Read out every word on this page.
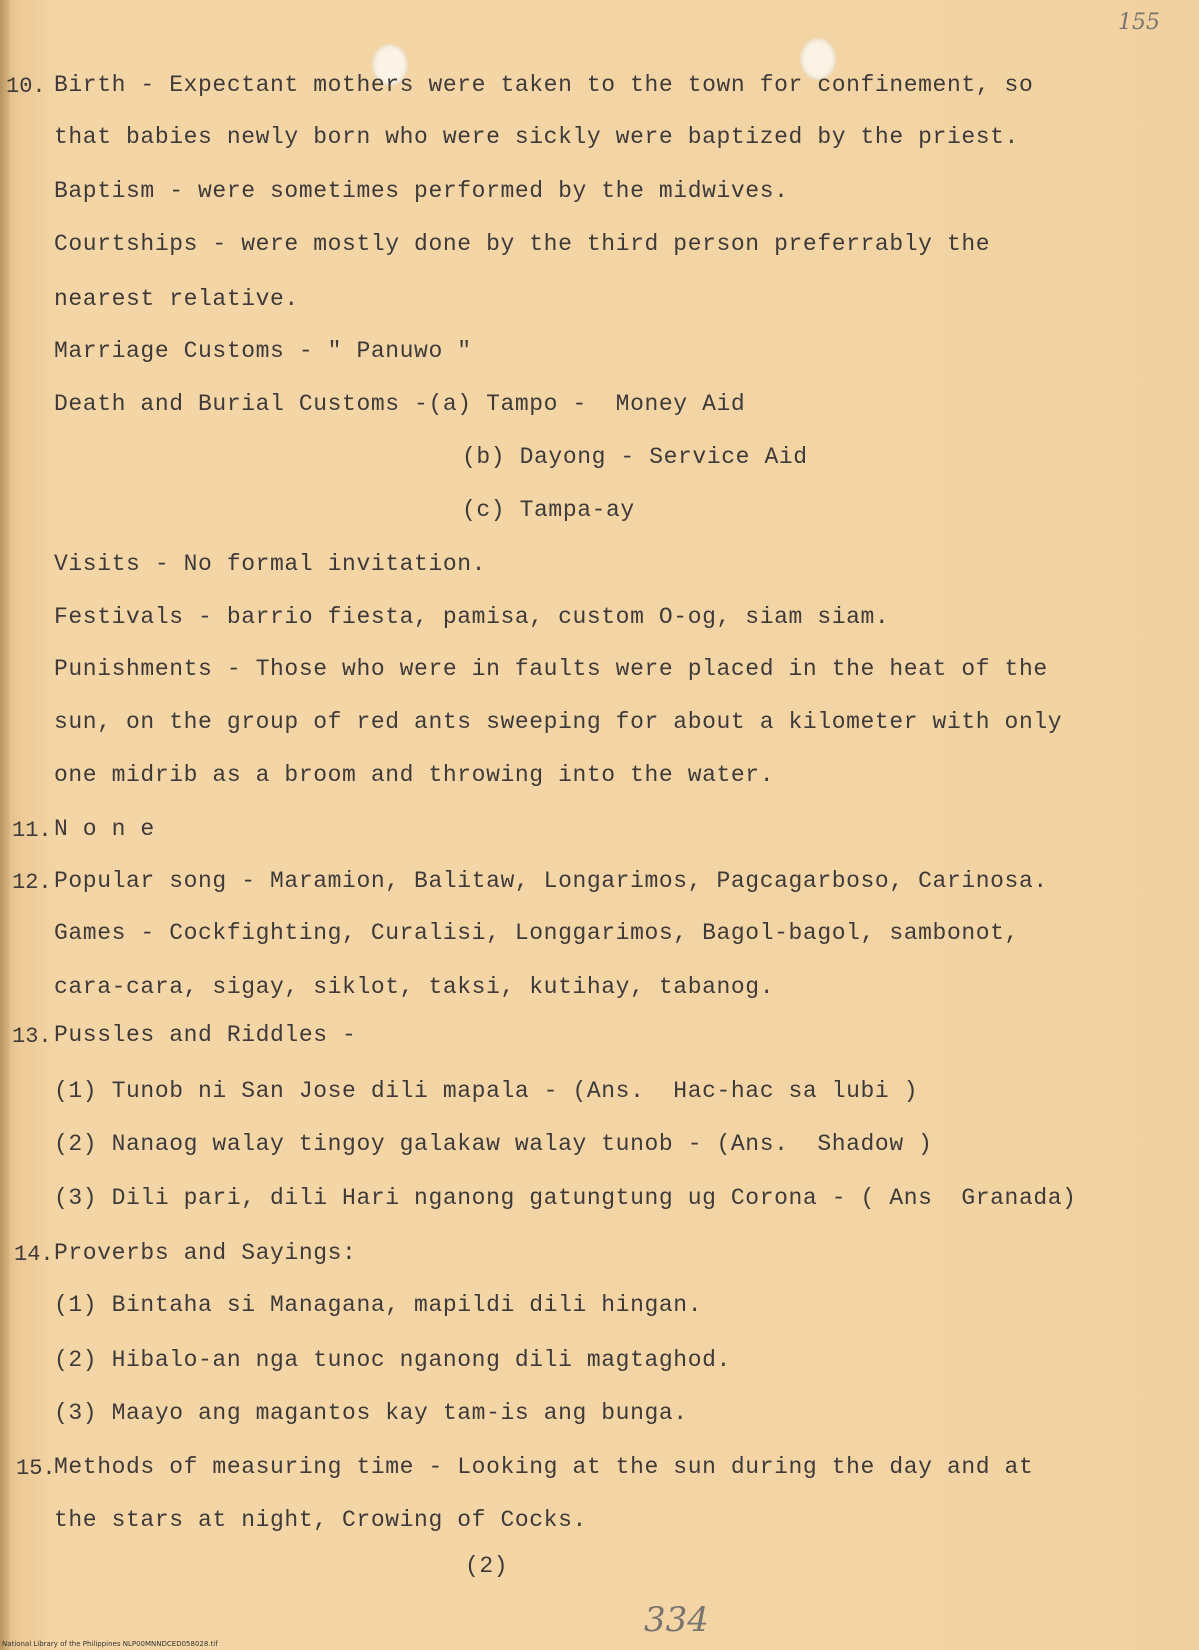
155
10.
11.
12.
13.
14.
15.
Birth - Expectant mothers were taken to the town for confinement, so
that babies newly born who were sickly were baptized by the priest.
Baptism - were sometimes performed by the midwives.
Courtships - were mostly done by the third person preferrably the
nearest relative.
Marriage Customs - " Panuwo "
Death and Burial Customs -(a) Tampo -  Money Aid
(b) Dayong - Service Aid
(c) Tampa-ay
Visits - No formal invitation.
Festivals - barrio fiesta, pamisa, custom O-og, siam siam.
Punishments - Those who were in faults were placed in the heat of the
sun, on the group of red ants sweeping for about a kilometer with only
one midrib as a broom and throwing into the water.
N o n e
Popular song - Maramion, Balitaw, Longarimos, Pagcagarboso, Carinosa.
Games - Cockfighting, Curalisi, Longgarimos, Bagol-bagol, sambonot,
cara-cara, sigay, siklot, taksi, kutihay, tabanog.
Pussles and Riddles -
(1) Tunob ni San Jose dili mapala - (Ans.  Hac-hac sa lubi )
(2) Nanaog walay tingoy galakaw walay tunob - (Ans.  Shadow )
(3) Dili pari, dili Hari nganong gatungtung ug Corona - ( Ans  Granada)
Proverbs and Sayings:
(1) Bintaha si Managana, mapildi dili hingan.
(2) Hibalo-an nga tunoc nganong dili magtaghod.
(3) Maayo ang magantos kay tam-is ang bunga.
Methods of measuring time - Looking at the sun during the day and at
the stars at night, Crowing of Cocks.
(2)
334
National Library of the Philippines NLP00MNNDCED058028.tif
